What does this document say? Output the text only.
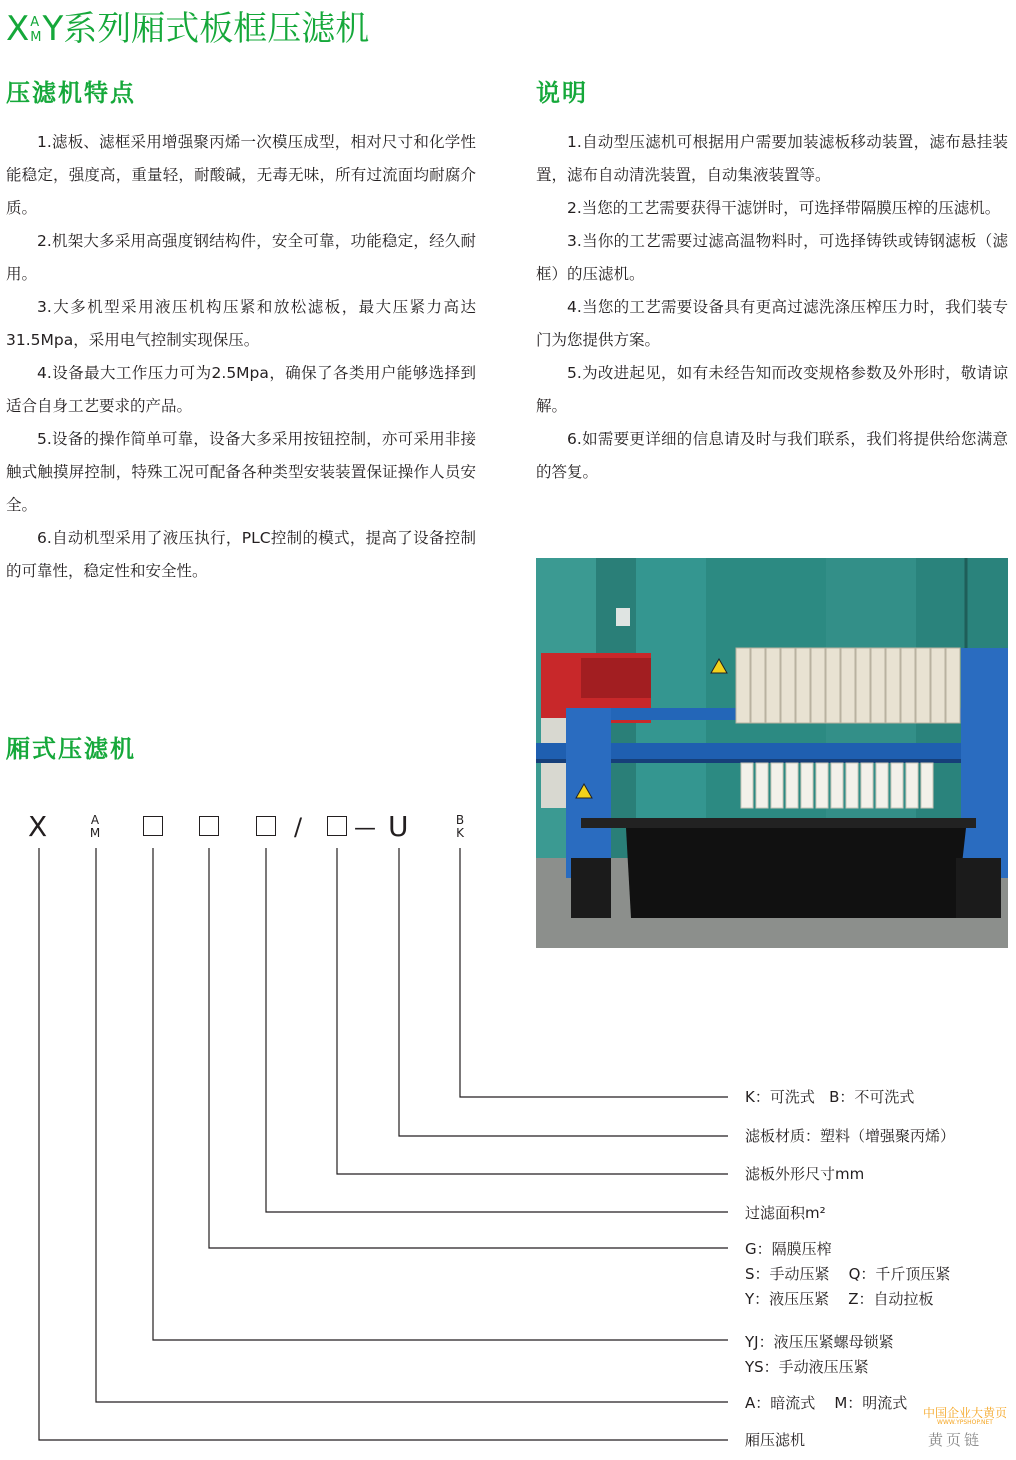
X A
M Y系列厢式板框压滤机
压滤机特点

1.滤板、滤框采用增强聚丙烯一次模压成型，相对尺寸和化学性能稳定，强度高，重量轻，耐酸碱，无毒无味，所有过流面均耐腐介质。

2.机架大多采用高强度钢结构件，安全可靠，功能稳定，经久耐用。

3.大多机型采用液压机构压紧和放松滤板，最大压紧力高达31.5Mpa，采用电气控制实现保压。

4.设备最大工作压力可为2.5Mpa，确保了各类用户能够选择到适合自身工艺要求的产品。

5.设备的操作简单可靠，设备大多采用按钮控制，亦可采用非接触式触摸屏控制，特殊工况可配备各种类型安装装置保证操作人员安全。

6.自动机型采用了液压执行，PLC控制的模式，提高了设备控制的可靠性，稳定性和安全性。

说明

1.自动型压滤机可根据用户需要加装滤板移动装置，滤布悬挂装置，滤布自动清洗装置，自动集液装置等。

2.当您的工艺需要获得干滤饼时，可选择带隔膜压榨的压滤机。

3.当你的工艺需要过滤高温物料时，可选择铸铁或铸钢滤板（滤框）的压滤机。

4.当您的工艺需要设备具有更高过滤洗涤压榨压力时，我们装专门为您提供方案。

5.为改进起见，如有未经告知而改变规格参数及外形时，敬请谅解。

6.如需要更详细的信息请及时与我们联系，我们将提供给您满意的答复。

厢式压滤机
X	A
M	/ — U	B
K
K：可洗式   B：不可洗式
滤板材质：塑料（增强聚丙烯）
滤板外形尺寸mm
过滤面积m²
G：隔膜压榨
S：手动压紧    Q：千斤顶压紧
Y：液压压紧    Z：自动拉板
YJ：液压压紧螺母锁紧
YS：手动液压压紧
A：暗流式    M：明流式
厢压滤机
中国企业大黄页
WWW.YPSHOP.NET
黄页链
